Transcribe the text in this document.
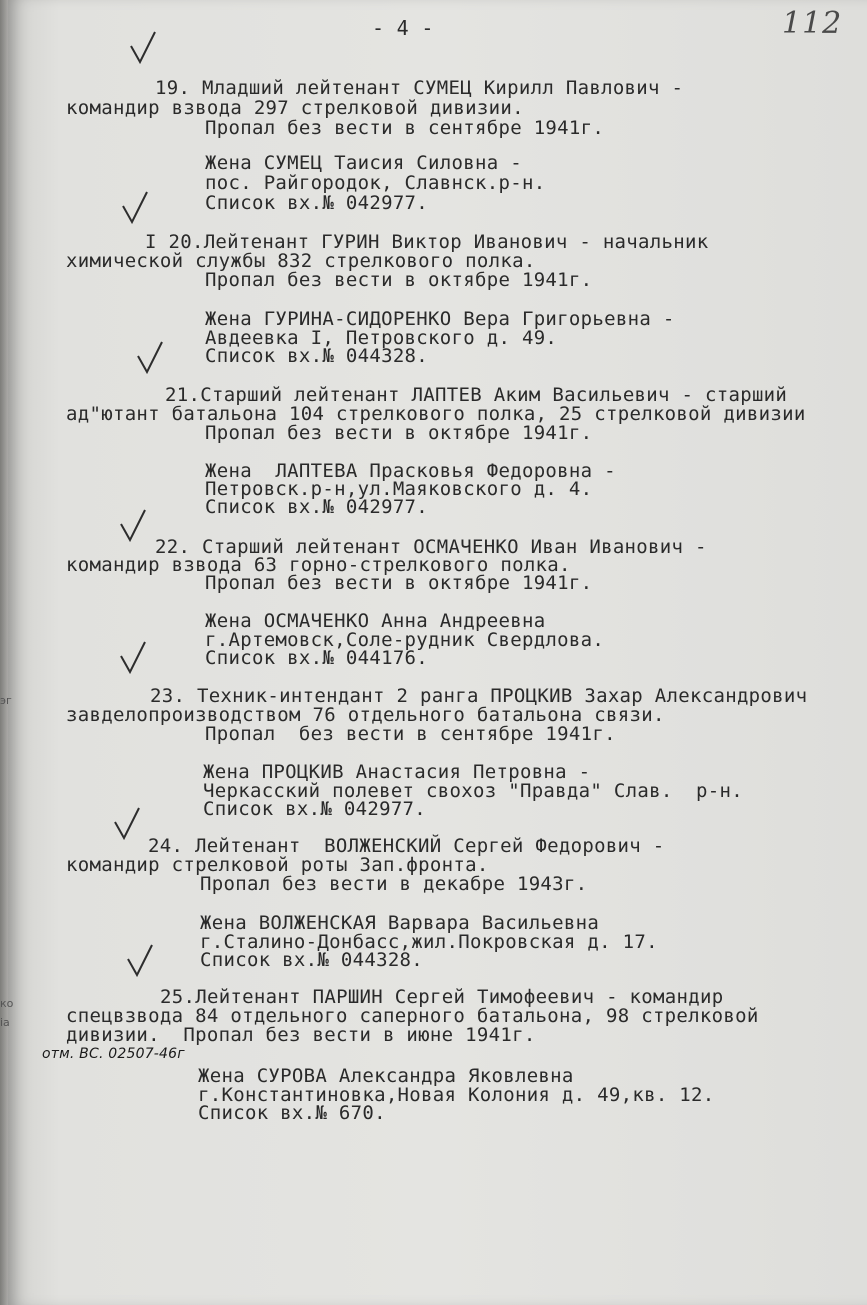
- 4 -	112
19. Младший лейтенант СУМЕЦ Кирилл Павлович -
командир взвода 297 стрелковой дивизии.
Пропал без вести в сентябре 1941г.
Жена СУМЕЦ Таисия Силовна -
пос. Райгородок, Славнск.р-н.
Список вх.№ 042977.
I 20.Лейтенант ГУРИН Виктор Иванович - начальник
химической службы 832 стрелкового полка.
Пропал без вести в октябре 1941г.
Жена ГУРИНА-СИДОРЕНКО Вера Григорьевна -
Авдеевка I, Петровского д. 49.
Список вх.№ 044328.
21.Старший лейтенант ЛАПТЕВ Аким Васильевич - старший
ад"ютант батальона 104 стрелкового полка, 25 стрелковой дивизии
Пропал без вести в октябре 1941г.
Жена  ЛАПТЕВА Прасковья Федоровна -
Петровск.р-н,ул.Маяковского д. 4.
Список вх.№ 042977.
22. Старший лейтенант ОСМАЧЕНКО Иван Иванович -
командир взвода 63 горно-стрелкового полка.
Пропал без вести в октябре 1941г.
Жена ОСМАЧЕНКО Анна Андреевна
г.Артемовск,Соле-рудник Свердлова.
Список вх.№ 044176.
23. Техник-интендант 2 ранга ПРОЦКИВ Захар Александрович
завделопроизводством 76 отдельного батальона связи.
Пропал  без вести в сентябре 1941г.
Жена ПРОЦКИВ Анастасия Петровна -
Черкасский полевет свохоз "Правда" Слав.  р-н.
Список вх.№ 042977.
24. Лейтенант  ВОЛЖЕНСКИЙ Сергей Федорович -
командир стрелковой роты Зап.фронта.
Пропал без вести в декабре 1943г.
Жена ВОЛЖЕНСКАЯ Варвара Васильевна
г.Сталино-Донбасс,жил.Покровская д. 17.
Список вх.№ 044328.
25.Лейтенант ПАРШИН Сергей Тимофеевич - командир
спецвзвода 84 отдельного саперного батальона, 98 стрелковой
дивизии.  Пропал без вести в июне 1941г.
Жена СУРОВА Александра Яковлевна
г.Константиновка,Новая Колония д. 49,кв. 12.
Список вх.№ 670.
отм. ВС. 02507-46г
эг
ко
ia
